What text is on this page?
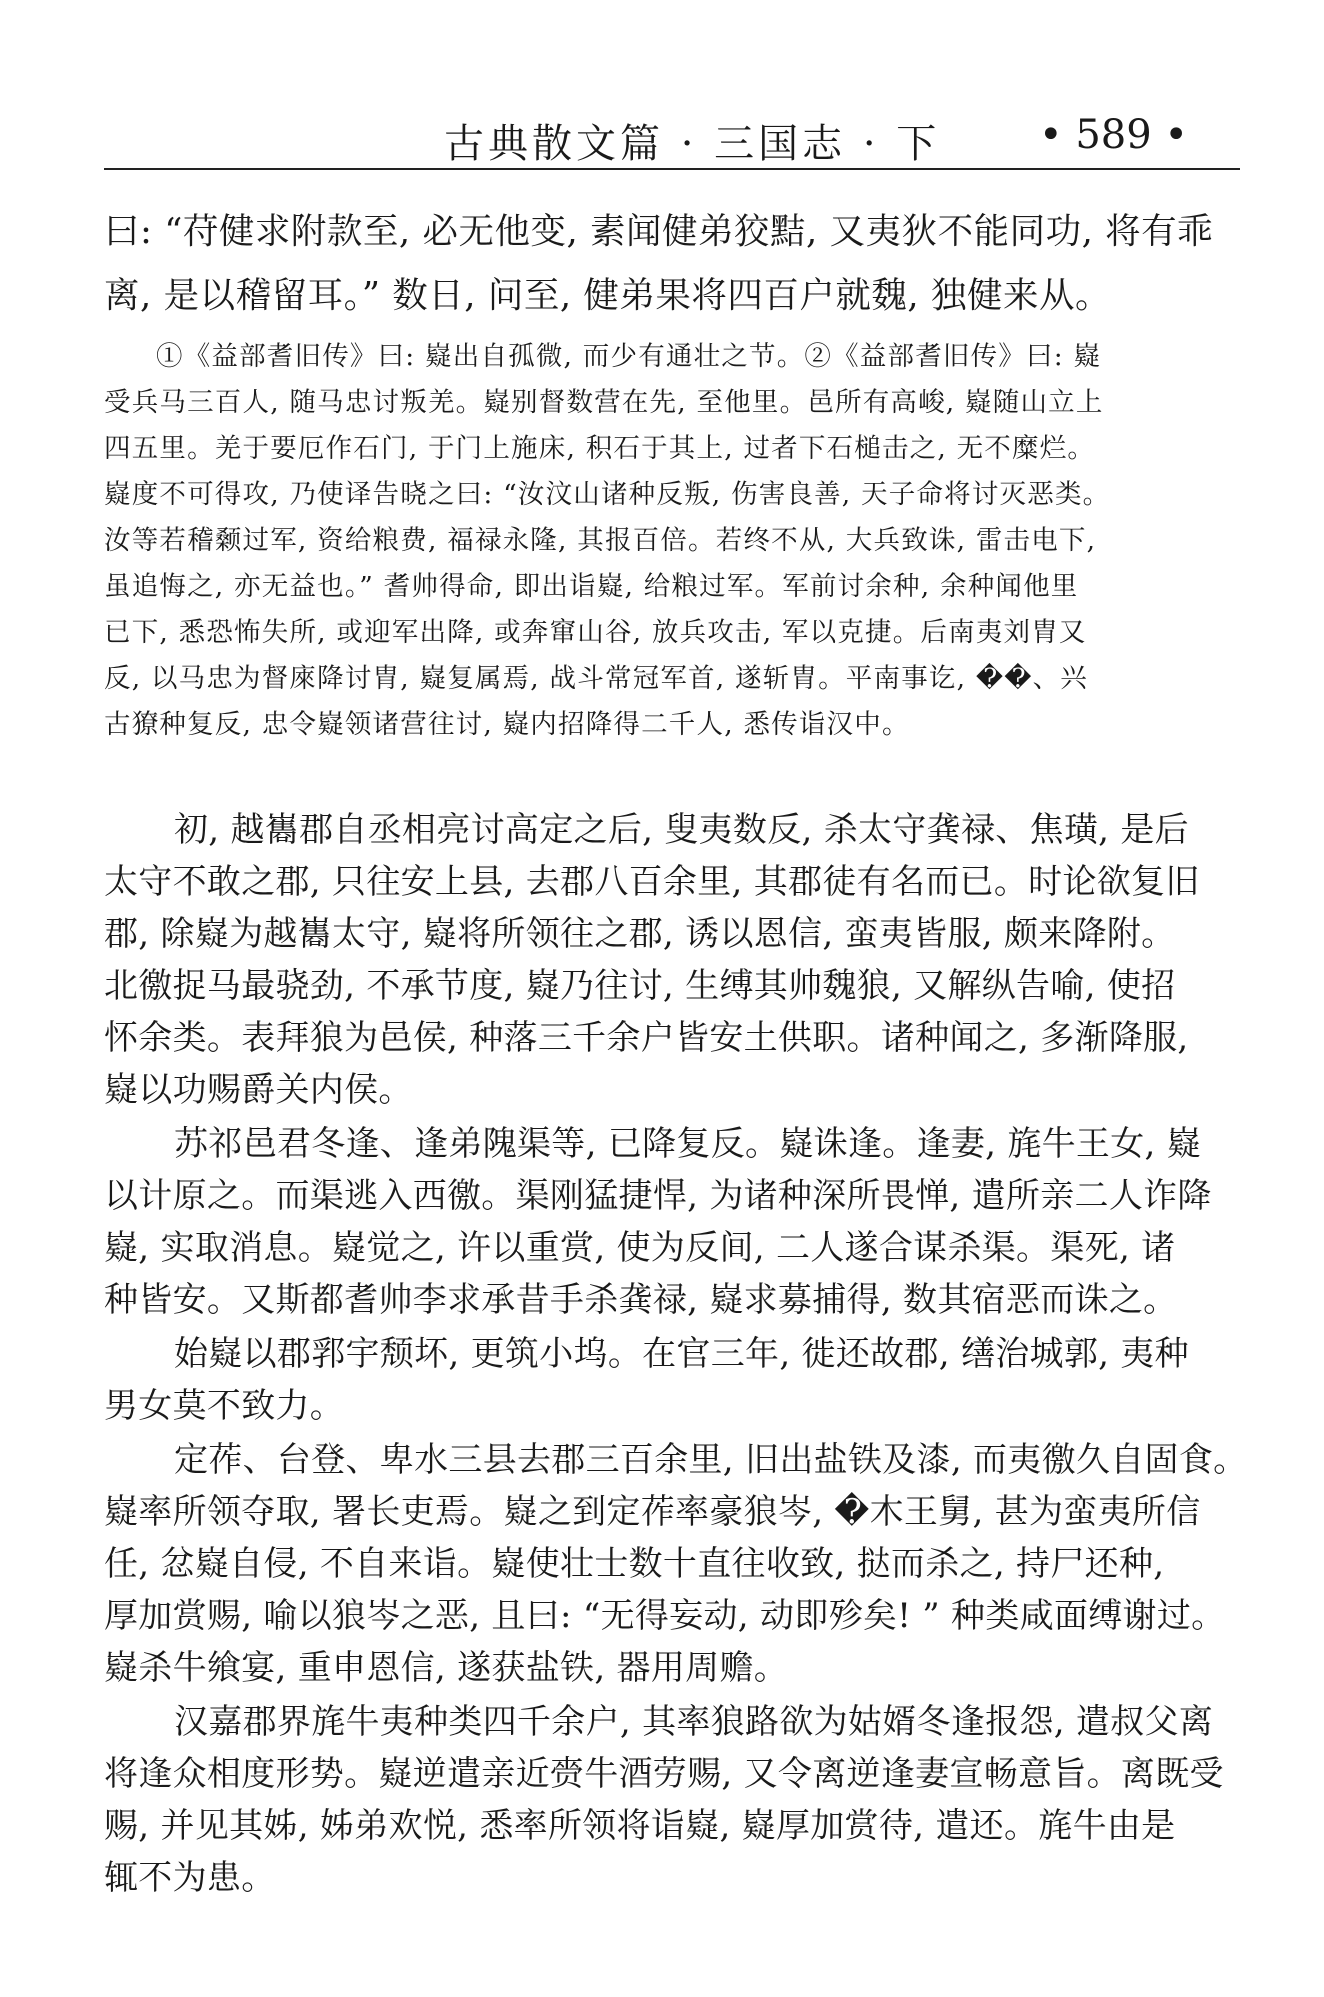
古典散文篇 · 三国志 · 下 • 589 •
曰: “苻健求附款至, 必无他变, 素闻健弟狡黠, 又夷狄不能同功, 将有乖
离, 是以稽留耳。” 数日, 问至, 健弟果将四百户就魏, 独健来从。
①《益部耆旧传》曰: 嶷出自孤微, 而少有通壮之节。②《益部耆旧传》曰: 嶷
受兵马三百人, 随马忠讨叛羌。嶷别督数营在先, 至他里。邑所有高峻, 嶷随山立上
四五里。羌于要厄作石门, 于门上施床, 积石于其上, 过者下石槌击之, 无不糜烂。
嶷度不可得攻, 乃使译告晓之曰: “汝汶山诸种反叛, 伤害良善, 天子命将讨灭恶类。
汝等若稽颡过军, 资给粮费, 福禄永隆, 其报百倍。若终不从, 大兵致诛, 雷击电下,
虽追悔之, 亦无益也。” 耆帅得命, 即出诣嶷, 给粮过军。军前讨余种, 余种闻他里
已下, 悉恐怖失所, 或迎军出降, 或奔窜山谷, 放兵攻击, 军以克捷。后南夷刘胄又
反, 以马忠为督庲降讨胄, 嶷复属焉, 战斗常冠军首, 遂斩胄。平南事讫, ��、兴
古獠种复反, 忠令嶷领诸营往讨, 嶷内招降得二千人, 悉传诣汉中。
初, 越巂郡自丞相亮讨高定之后, 叟夷数反, 杀太守龚禄、焦璜, 是后
太守不敢之郡, 只往安上县, 去郡八百余里, 其郡徒有名而已。时论欲复旧
郡, 除嶷为越巂太守, 嶷将所领往之郡, 诱以恩信, 蛮夷皆服, 颇来降附。
北徼捉马最骁劲, 不承节度, 嶷乃往讨, 生缚其帅魏狼, 又解纵告喻, 使招
怀余类。表拜狼为邑侯, 种落三千余户皆安土供职。诸种闻之, 多渐降服,
嶷以功赐爵关内侯。
苏祁邑君冬逢、逢弟隗渠等, 已降复反。嶷诛逢。逢妻, 旄牛王女, 嶷
以计原之。而渠逃入西徼。渠刚猛捷悍, 为诸种深所畏惮, 遣所亲二人诈降
嶷, 实取消息。嶷觉之, 许以重赏, 使为反间, 二人遂合谋杀渠。渠死, 诸
种皆安。又斯都耆帅李求承昔手杀龚禄, 嶷求募捕得, 数其宿恶而诛之。
始嶷以郡郛宇颓坏, 更筑小坞。在官三年, 徙还故郡, 缮治城郭, 夷种
男女莫不致力。
定莋、台登、卑水三县去郡三百余里, 旧出盐铁及漆, 而夷徼久自固食。
嶷率所领夺取, 署长吏焉。嶷之到定莋率豪狼岑, �木王舅, 甚为蛮夷所信
任, 忿嶷自侵, 不自来诣。嶷使壮士数十直往收致, 挞而杀之, 持尸还种,
厚加赏赐, 喻以狼岑之恶, 且曰: “无得妄动, 动即殄矣! ” 种类咸面缚谢过。
嶷杀牛飨宴, 重申恩信, 遂获盐铁, 器用周赡。
汉嘉郡界旄牛夷种类四千余户, 其率狼路欲为姑婿冬逢报怨, 遣叔父离
将逢众相度形势。嶷逆遣亲近赍牛酒劳赐, 又令离逆逢妻宣畅意旨。离既受
赐, 并见其姊, 姊弟欢悦, 悉率所领将诣嶷, 嶷厚加赏待, 遣还。旄牛由是
辄不为患。
